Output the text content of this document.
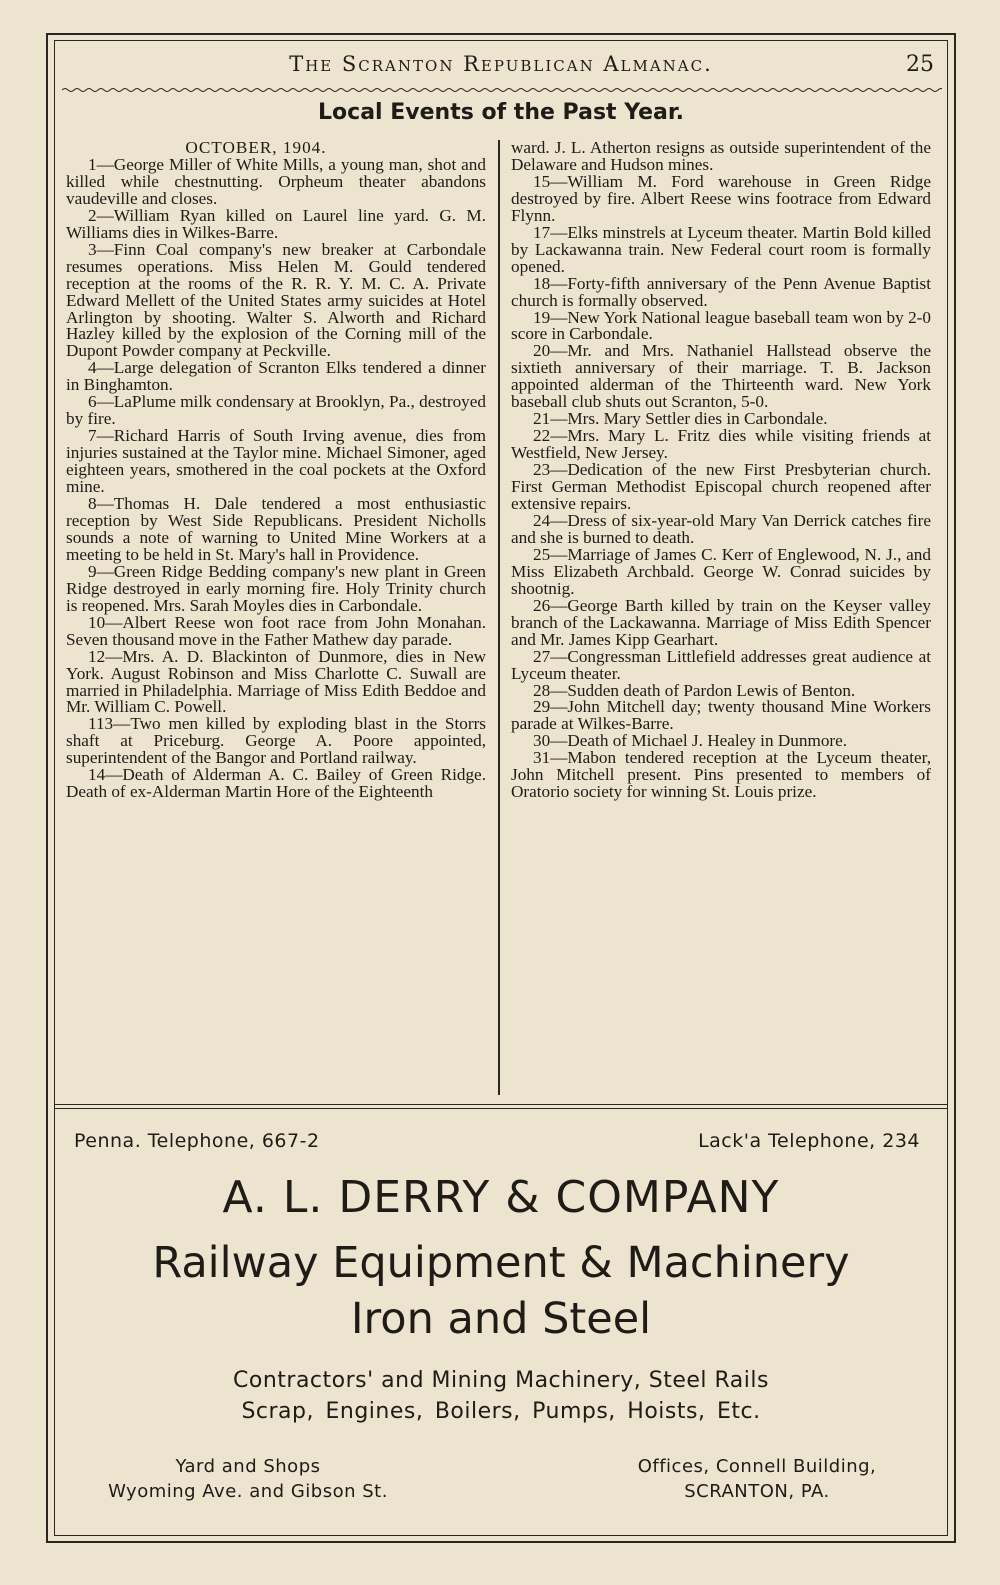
The Scranton Republican Almanac.	25
Local Events of the Past Year.
OCTOBER, 1904.

1—George Miller of White Mills, a young man, shot and killed while chestnutting. Orpheum theater abandons vaudeville and closes.

2—William Ryan killed on Laurel line yard. G. M. Williams dies in Wilkes-Barre.

3—Finn Coal company's new breaker at Carbondale resumes operations. Miss Helen M. Gould tendered reception at the rooms of the R. R. Y. M. C. A. Private Edward Mellett of the United States army suicides at Hotel Arlington by shooting. Walter S. Alworth and Richard Hazley killed by the explosion of the Corning mill of the Dupont Powder company at Peckville.

4—Large delegation of Scranton Elks tendered a dinner in Binghamton.

6—LaPlume milk condensary at Brooklyn, Pa., destroyed by fire.

7—Richard Harris of South Irving avenue, dies from injuries sustained at the Taylor mine. Michael Simoner, aged eighteen years, smothered in the coal pockets at the Oxford mine.

8—Thomas H. Dale tendered a most enthusiastic reception by West Side Republicans. President Nicholls sounds a note of warning to United Mine Workers at a meeting to be held in St. Mary's hall in Providence.

9—Green Ridge Bedding company's new plant in Green Ridge destroyed in early morning fire. Holy Trinity church is reopened. Mrs. Sarah Moyles dies in Carbondale.

10—Albert Reese won foot race from John Monahan. Seven thousand move in the Father Mathew day parade.

12—Mrs. A. D. Blackinton of Dunmore, dies in New York. August Robinson and Miss Charlotte C. Suwall are married in Philadelphia. Marriage of Miss Edith Beddoe and Mr. William C. Powell.

113—Two men killed by exploding blast in the Storrs shaft at Priceburg. George A. Poore appointed, superintendent of the Bangor and Portland railway.

14—Death of Alderman A. C. Bailey of Green Ridge. Death of ex-Alderman Martin Hore of the Eighteenth

ward. J. L. Atherton resigns as outside superintendent of the Delaware and Hudson mines.

15—William M. Ford warehouse in Green Ridge destroyed by fire. Albert Reese wins footrace from Edward Flynn.

17—Elks minstrels at Lyceum theater. Martin Bold killed by Lackawanna train. New Federal court room is formally opened.

18—Forty-fifth anniversary of the Penn Avenue Baptist church is formally observed.

19—New York National league baseball team won by 2-0 score in Carbondale.

20—Mr. and Mrs. Nathaniel Hallstead observe the sixtieth anniversary of their marriage. T. B. Jackson appointed alderman of the Thirteenth ward. New York baseball club shuts out Scranton, 5-0.

21—Mrs. Mary Settler dies in Carbondale.

22—Mrs. Mary L. Fritz dies while visiting friends at Westfield, New Jersey.

23—Dedication of the new First Presbyterian church. First German Methodist Episcopal church reopened after extensive repairs.

24—Dress of six-year-old Mary Van Derrick catches fire and she is burned to death.

25—Marriage of James C. Kerr of Englewood, N. J., and Miss Elizabeth Archbald. George W. Conrad suicides by shootnig.

26—George Barth killed by train on the Keyser valley branch of the Lackawanna. Marriage of Miss Edith Spencer and Mr. James Kipp Gearhart.

27—Congressman Littlefield addresses great audience at Lyceum theater.

28—Sudden death of Pardon Lewis of Benton.

29—John Mitchell day; twenty thousand Mine Workers parade at Wilkes-Barre.

30—Death of Michael J. Healey in Dunmore.

31—Mabon tendered reception at the Lyceum theater, John Mitchell present. Pins presented to members of Oratorio society for winning St. Louis prize.

Penna. Telephone, 667-2	Lack'a Telephone, 234
A. L. DERRY & COMPANY
Railway Equipment & Machinery
Iron and Steel
Contractors' and Mining Machinery, Steel Rails
Scrap, Engines, Boilers, Pumps, Hoists, Etc.
Yard and Shops
Wyoming Ave. and Gibson St.
Offices, Connell Building,
SCRANTON, PA.
